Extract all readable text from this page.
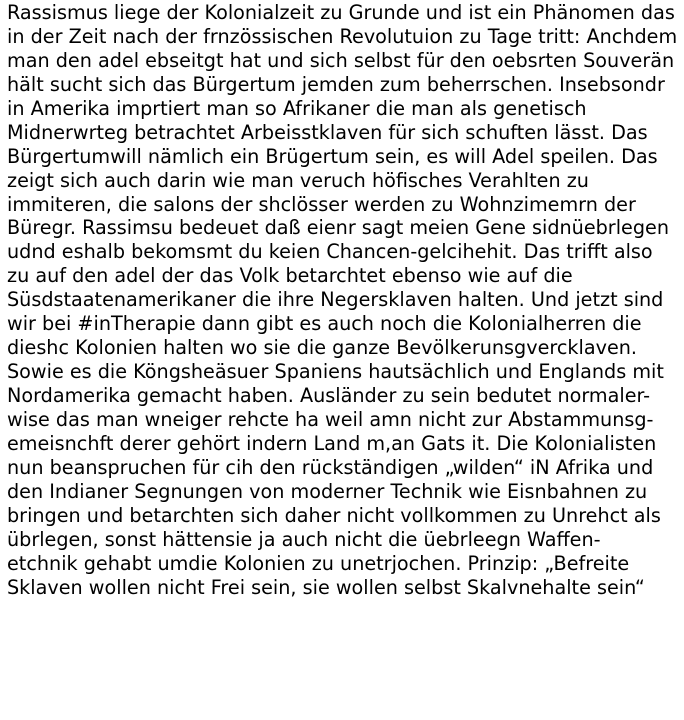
Rassismus liege der Kolonialzeit zu Grunde und ist ein Phänomen das
in der Zeit nach der frnzössischen Revolutuion zu Tage tritt: Anchdem
man den adel ebseitgt hat und sich selbst für den oebsrten Souverän
hält sucht sich das Bürgertum jemden zum beherrschen. Insebsondr
in Amerika imprtiert man so Afrikaner die man als genetisch
Midnerwrteg betrachtet Arbeisstklaven für sich schuften lässt. Das
Bürgertumwill nämlich ein Brügertum sein, es will Adel speilen. Das
zeigt sich auch darin wie man veruch höfisches Verahlten zu
immiteren, die salons der shclösser werden zu Wohnzimemrn der
Büregr. Rassimsu bedeuet daß eienr sagt meien Gene sidnüebrlegen
udnd eshalb bekomsmt du keien Chancen-gelcihehit. Das trifft also
zu auf den adel der das Volk betarchtet ebenso wie auf die
Süsdstaatenamerikaner die ihre Negersklaven halten. Und jetzt sind
wir bei #inTherapie dann gibt es auch noch die Kolonialherren die
dieshc Kolonien halten wo sie die ganze Bevölkerunsgvercklaven.
Sowie es die Köngsheäsuer Spaniens hautsächlich und Englands mit
Nordamerika gemacht haben. Ausländer zu sein bedutet normaler-
wise das man wneiger rehcte ha weil amn nicht zur Abstammunsg-
emeisnchft derer gehört indern Land m,an Gats it. Die Kolonialisten
nun beanspruchen für cih den rückständigen „wilden“ iN Afrika und
den Indianer Segnungen von moderner Technik wie Eisnbahnen zu
bringen und betarchten sich daher nicht vollkommen zu Unrehct als
übrlegen, sonst hättensie ja auch nicht die üebrleegn Waffen-
etchnik gehabt umdie Kolonien zu unetrjochen. Prinzip: „Befreite
Sklaven wollen nicht Frei sein, sie wollen selbst Skalvnehalte sein“
